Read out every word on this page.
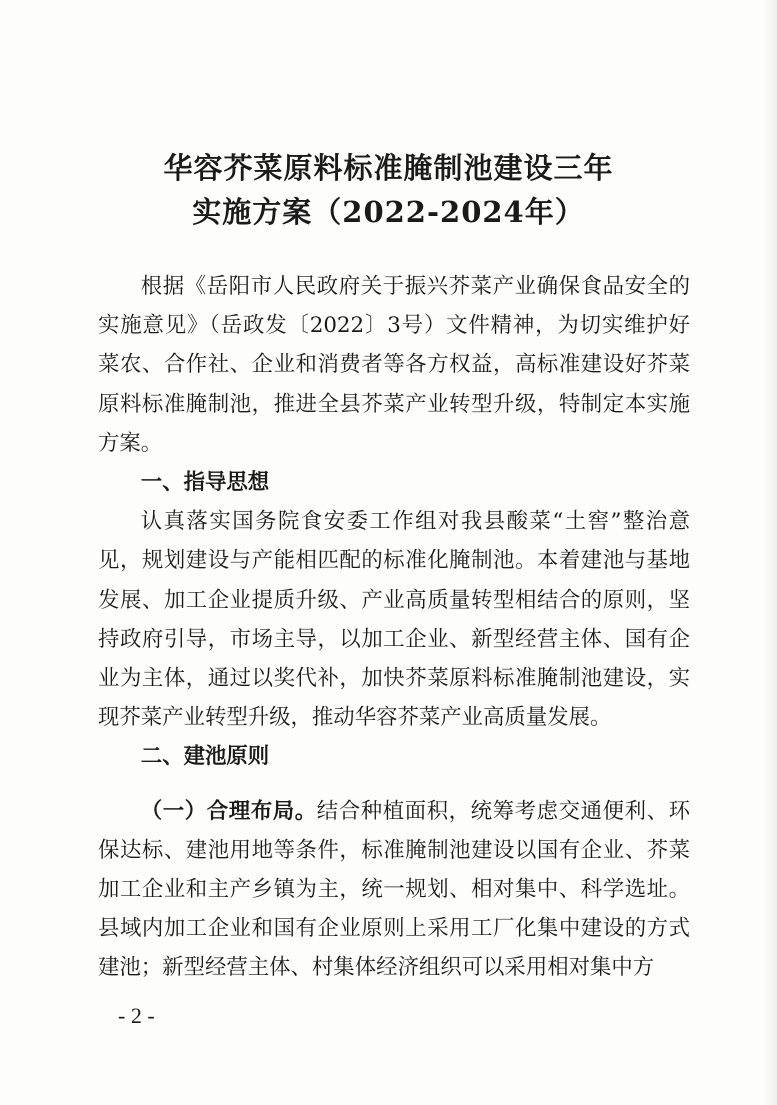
华容芥菜原料标准腌制池建设三年
实施方案（2022-2024年）

根据《岳阳市人民政府关于振兴芥菜产业确保食品安全的实施意见》（岳政发〔2022〕3号）文件精神，为切实维护好菜农、合作社、企业和消费者等各方权益，高标准建设好芥菜原料标准腌制池，推进全县芥菜产业转型升级，特制定本实施方案。

一、指导思想

认真落实国务院食安委工作组对我县酸菜“土窖”整治意见，规划建设与产能相匹配的标准化腌制池。本着建池与基地发展、加工企业提质升级、产业高质量转型相结合的原则，坚持政府引导，市场主导，以加工企业、新型经营主体、国有企业为主体，通过以奖代补，加快芥菜原料标准腌制池建设，实现芥菜产业转型升级，推动华容芥菜产业高质量发展。

二、建池原则

（一）合理布局。结合种植面积，统筹考虑交通便利、环保达标、建池用地等条件，标准腌制池建设以国有企业、芥菜加工企业和主产乡镇为主，统一规划、相对集中、科学选址。县域内加工企业和国有企业原则上采用工厂化集中建设的方式建池；新型经营主体、村集体经济组织可以采用相对集中方

- 2 -
